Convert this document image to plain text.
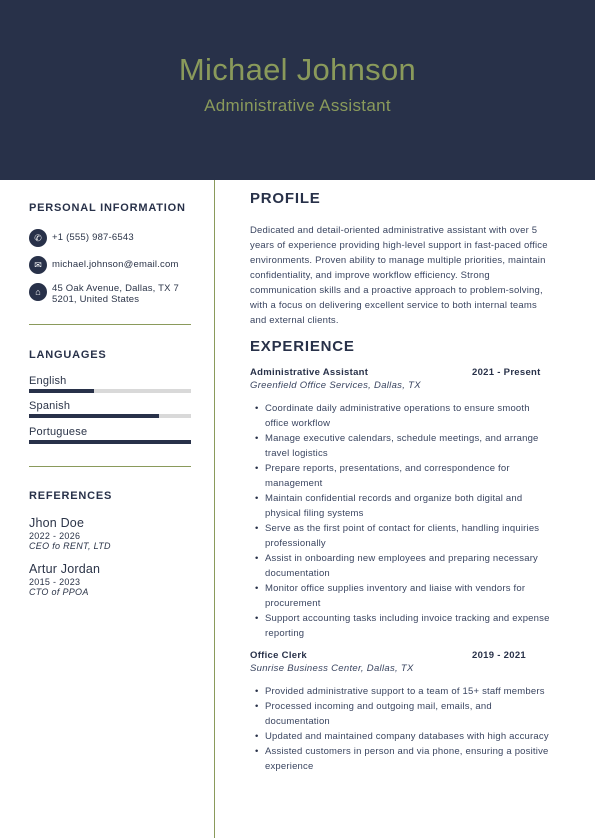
Michael Johnson
Administrative Assistant
PERSONAL INFORMATION
✆	+1 (555) 987-6543
✉	michael.johnson@email.com
⌂	45 Oak Avenue, Dallas, TX 7
5201, United States
LANGUAGES
English
Spanish
Portuguese
REFERENCES
Jhon Doe
2022 - 2026
CEO fo RENT, LTD
Artur Jordan
2015 - 2023
CTO of PPOA
PROFILE
Dedicated and detail-oriented administrative assistant with over 5
years of experience providing high-level support in fast-paced office
environments. Proven ability to manage multiple priorities, maintain
confidentiality, and improve workflow efficiency. Strong
communication skills and a proactive approach to problem-solving,
with a focus on delivering excellent service to both internal teams
and external clients.
EXPERIENCE
Administrative Assistant	2021 - Present
Greenfield Office Services, Dallas, TX
• Coordinate daily administrative operations to ensure smooth
office workflow
• Manage executive calendars, schedule meetings, and arrange
travel logistics
• Prepare reports, presentations, and correspondence for
management
• Maintain confidential records and organize both digital and
physical filing systems
• Serve as the first point of contact for clients, handling inquiries
professionally
• Assist in onboarding new employees and preparing necessary
documentation
• Monitor office supplies inventory and liaise with vendors for
procurement
• Support accounting tasks including invoice tracking and expense
reporting
Office Clerk	2019 - 2021
Sunrise Business Center, Dallas, TX
• Provided administrative support to a team of 15+ staff members
• Processed incoming and outgoing mail, emails, and
documentation
• Updated and maintained company databases with high accuracy
• Assisted customers in person and via phone, ensuring a positive
experience
